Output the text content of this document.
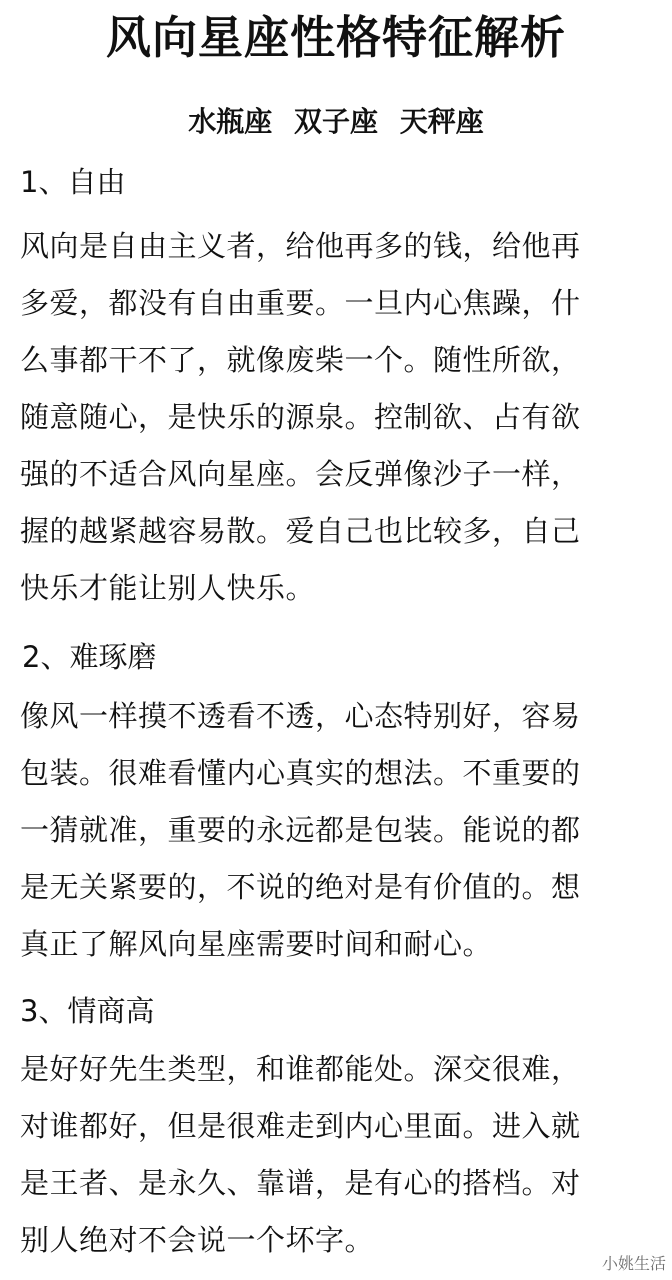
风向星座性格特征解析
水瓶座 双子座 天秤座
1、自由
风向是自由主义者，给他再多的钱，给他再
多爱，都没有自由重要。一旦内心焦躁，什
么事都干不了，就像废柴一个。随性所欲，
随意随心，是快乐的源泉。控制欲、占有欲
强的不适合风向星座。会反弹像沙子一样，
握的越紧越容易散。爱自己也比较多，自己
快乐才能让别人快乐。
2、难琢磨
像风一样摸不透看不透，心态特别好，容易
包装。很难看懂内心真实的想法。不重要的
一猜就准，重要的永远都是包装。能说的都
是无关紧要的，不说的绝对是有价值的。想
真正了解风向星座需要时间和耐心。
3、情商高
是好好先生类型，和谁都能处。深交很难，
对谁都好，但是很难走到内心里面。进入就
是王者、是永久、靠谱，是有心的搭档。对
别人绝对不会说一个坏字。
小姚生活
